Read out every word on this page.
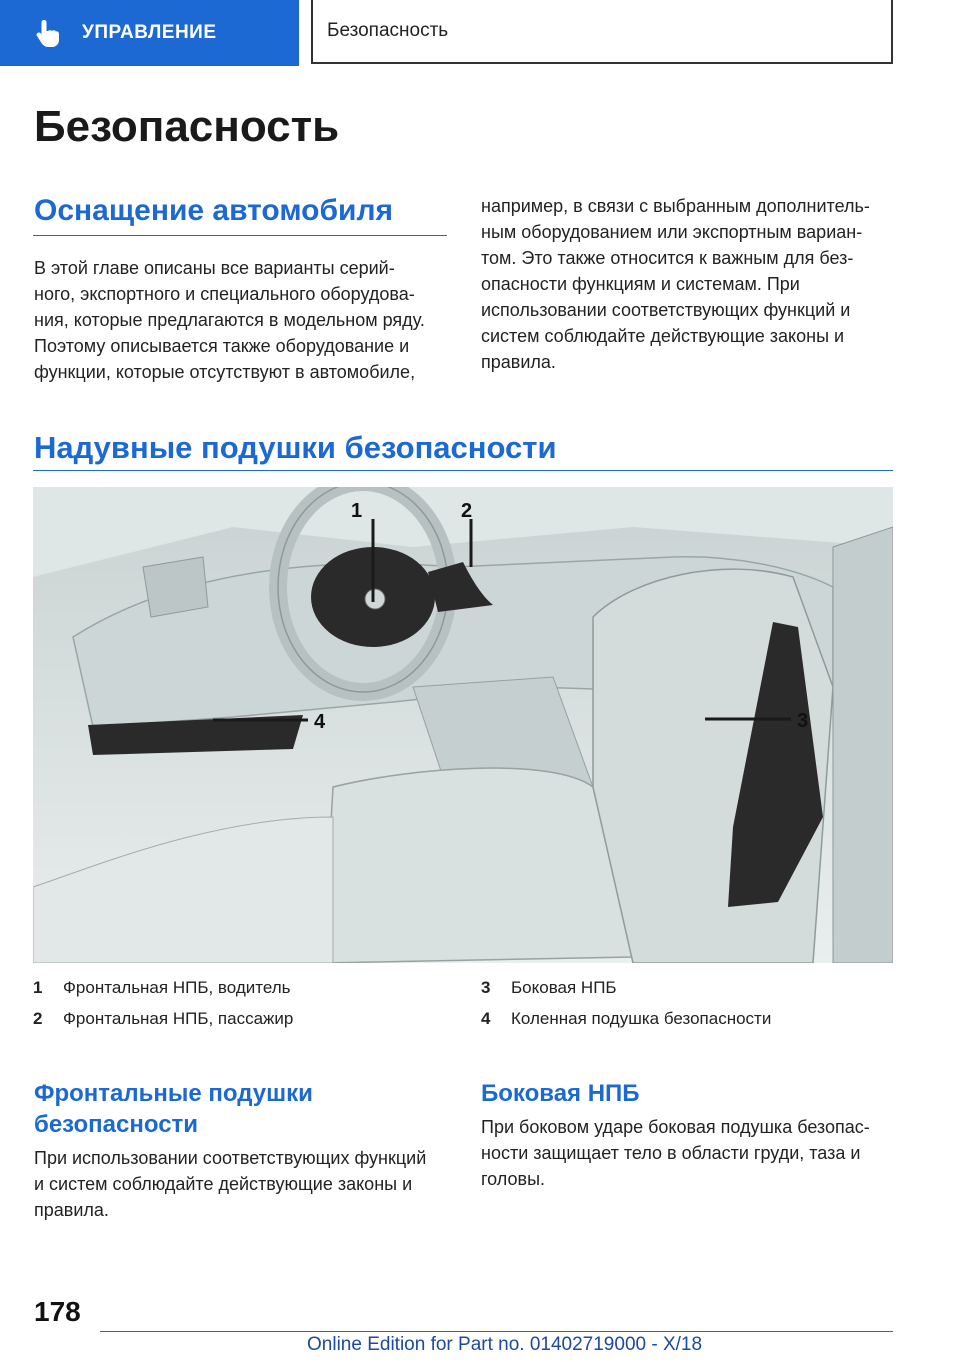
УПРАВЛЕНИЕ	Безопасность
Безопасность
Оснащение автомобиля
В этой главе описаны все варианты серий-
ного, экспортного и специального оборудова-
ния, которые предлагаются в модельном ряду.
Поэтому описывается также оборудование и
функции, которые отсутствуют в автомобиле,
например, в связи с выбранным дополнитель-
ным оборудованием или экспортным вариан-
том. Это также относится к важным для без-
опасности функциям и системам. При
использовании соответствующих функций и
систем соблюдайте действующие законы и
правила.
Надувные подушки безопасности
1	2
3
4
1	Фронтальная НПБ, водитель
2	Фронтальная НПБ, пассажир
3	Боковая НПБ
4	Коленная подушка безопасности
Фронтальные подушки
безопасности
При использовании соответствующих функций
и систем соблюдайте действующие законы и
правила.
Боковая НПБ
При боковом ударе боковая подушка безопас-
ности защищает тело в области груди, таза и
головы.
178
Online Edition for Part no. 01402719000 - X/18
